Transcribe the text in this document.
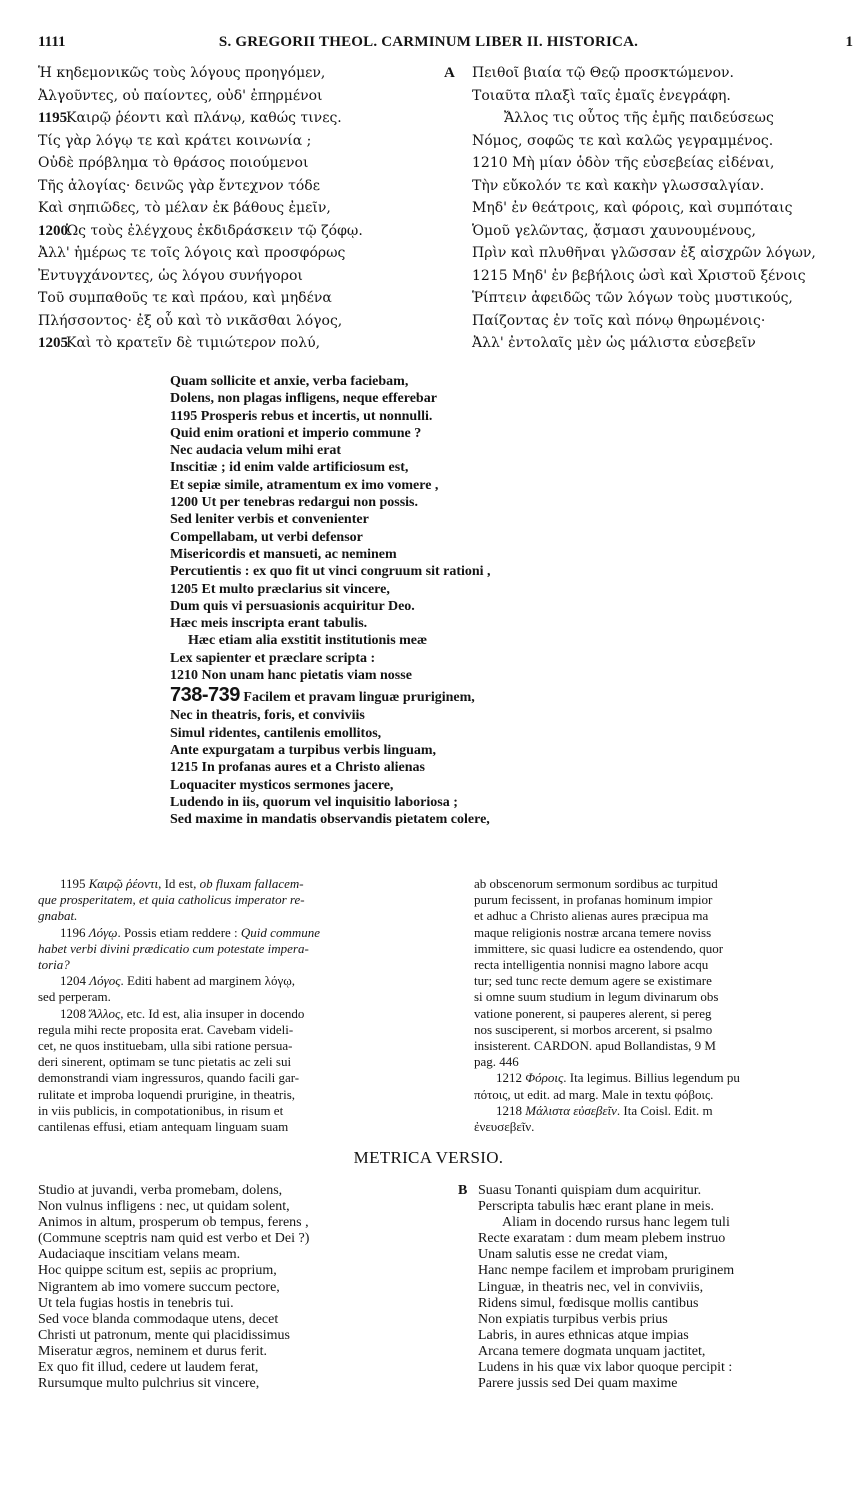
1111	S. GREGORII THEOL. CARMINUM LIBER II. HISTORICA.	1
Ἡ κηδεμονικῶς τοὺς λόγους προηγόμεν,
Ἀλγοῦντες, οὐ παίοντες, οὐδ' ἐπηρμένοι
1195Καιρῷ ῥέοντι καὶ πλάνῳ, καθώς τινες.
Τίς γὰρ λόγῳ τε καὶ κράτει κοινωνία ;
Οὐδὲ πρόβλημα τὸ θράσος ποιούμενοι
Τῆς ἀλογίας· δεινῶς γὰρ ἔντεχνον τόδε
Καὶ σηπιῶδες, τὸ μέλαν ἐκ βάθους ἐμεῖν,
1200Ὡς τοὺς ἐλέγχους ἐκδιδράσκειν τῷ ζόφῳ.
Ἀλλ' ἡμέρως τε τοῖς λόγοις καὶ προσφόρως
Ἐντυγχάνοντες, ὡς λόγου συνήγοροι
Τοῦ συμπαθοῦς τε καὶ πράου, καὶ μηδένα
Πλήσσοντος· ἐξ οὗ καὶ τὸ νικᾶσθαι λόγος,
1205Καὶ τὸ κρατεῖν δὲ τιμιώτερον πολύ,
A Πειθοῖ βιαία τῷ Θεῷ προσκτώμενον.
Τοιαῦτα πλαξὶ ταῖς ἐμαῖς ἐνεγράφη.
Ἄλλος τις οὗτος τῆς ἐμῆς παιδεύσεως
Νόμος, σοφῶς τε καὶ καλῶς γεγραμμένος.
1210 Μὴ μίαν ὁδὸν τῆς εὐσεβείας εἰδέναι,
Τὴν εὔκολόν τε καὶ κακὴν γλωσσαλγίαν.
Μηδ' ἐν θεάτροις, καὶ φόροις, καὶ συμπόταις
Ὁμοῦ γελῶντας, ᾄσμασι χαυνουμένους,
Πρὶν καὶ πλυθῆναι γλῶσσαν ἐξ αἰσχρῶν λόγων,
1215 Μηδ' ἐν βεβήλοις ὠσὶ καὶ Χριστοῦ ξένοις
Ῥίπτειν ἀφειδῶς τῶν λόγων τοὺς μυστικούς,
Παίζοντας ἐν τοῖς καὶ πόνῳ θηρωμένοις·
Ἀλλ' ἐντολαῖς μὲν ὡς μάλιστα εὐσεβεῖν
Quam sollicite et anxie, verba faciebam,
Dolens, non plagas infligens, neque efferebar
1195 Prosperis rebus et incertis, ut nonnulli.
Quid enim orationi et imperio commune ?
Nec audacia velum mihi erat
Inscitiæ ; id enim valde artificiosum est,
Et sepiæ simile, atramentum ex imo vomere ,
1200 Ut per tenebras redargui non possis.
Sed leniter verbis et convenienter
Compellabam, ut verbi defensor
Misericordis et mansueti, ac neminem
Percutientis : ex quo fit ut vinci congruum sit rationi ,
1205 Et multo præclarius sit vincere,
Dum quis vi persuasionis acquiritur Deo.
Hæc meis inscripta erant tabulis.
Hæc etiam alia exstitit institutionis meæ
Lex sapienter et præclare scripta :
1210 Non unam hanc pietatis viam nosse
738-739 Facilem et pravam linguæ pruriginem,
Nec in theatris, foris, et conviviis
Simul ridentes, cantilenis emollitos,
Ante expurgatam a turpibus verbis linguam,
1215 In profanas aures et a Christo alienas
Loquaciter mysticos sermones jacere,
Ludendo in iis, quorum vel inquisitio laboriosa ;
Sed maxime in mandatis observandis pietatem colere,
1195 Καιρῷ ῥέοντι, Id est, ob fluxam fallacem-
que prosperitatem, et quia catholicus imperator re-
gnabat.
1196 Λόγῳ. Possis etiam reddere : Quid commune
habet verbi divini prædicatio cum potestate impera-
toria?
1204 Λόγος. Editi habent ad marginem λόγῳ,
sed perperam.
1208 Ἄλλος, etc. Id est, alia insuper in docendo
regula mihi recte proposita erat. Cavebam videli-
cet, ne quos instituebam, ulla sibi ratione persua-
deri sinerent, optimam se tunc pietatis ac zeli sui
demonstrandi viam ingressuros, quando facili gar-
rulitate et improba loquendi prurigine, in theatris,
in viis publicis, in compotationibus, in risum et
cantilenas effusi, etiam antequam linguam suam
ab obscenorum sermonum sordibus ac turpitud
purum fecissent, in profanas hominum impior
et adhuc a Christo alienas aures præcipua ma
maque religionis nostræ arcana temere noviss
immittere, sic quasi ludicre ea ostendendo, quor
recta intelligentia nonnisi magno labore acqu
tur; sed tunc recte demum agere se existimare
si omne suum studium in legum divinarum obs
vatione ponerent, si pauperes alerent, si pereg
nos susciperent, si morbos arcerent, si psalmo
insisterent. CARDON. apud Bollandistas, 9 M
pag. 446
1212 Φόροις. Ita legimus. Billius legendum pu
πότοις, ut edit. ad marg. Male in textu φόβοις.
1218 Μάλιστα εὐσεβεῖν. Ita Coisl. Edit. m
ἐνευσεβεῖν.
METRICA VERSIO.
Studio at juvandi, verba promebam, dolens,
Non vulnus infligens : nec, ut quidam solent,
Animos in altum, prosperum ob tempus, ferens ,
(Commune sceptris nam quid est verbo et Dei ?)
Audaciaque inscitiam velans meam.
Hoc quippe scitum est, sepiis ac proprium,
Nigrantem ab imo vomere succum pectore,
Ut tela fugias hostis in tenebris tui.
Sed voce blanda commodaque utens, decet
Christi ut patronum, mente qui placidissimus
Miseratur ægros, neminem et durus ferit.
Ex quo fit illud, cedere ut laudem ferat,
Rursumque multo pulchrius sit vincere,
B Suasu Tonanti quispiam dum acquiritur.
Perscripta tabulis hæc erant plane in meis.
Aliam in docendo rursus hanc legem tuli
Recte exaratam : dum meam plebem instruo
Unam salutis esse ne credat viam,
Hanc nempe facilem et improbam pruriginem
Linguæ, in theatris nec, vel in conviviis,
Ridens simul, fœdisque mollis cantibus
Non expiatis turpibus verbis prius
Labris, in aures ethnicas atque impias
Arcana temere dogmata unquam jactitet,
Ludens in his quæ vix labor quoque percipit :
Parere jussis sed Dei quam maxime
